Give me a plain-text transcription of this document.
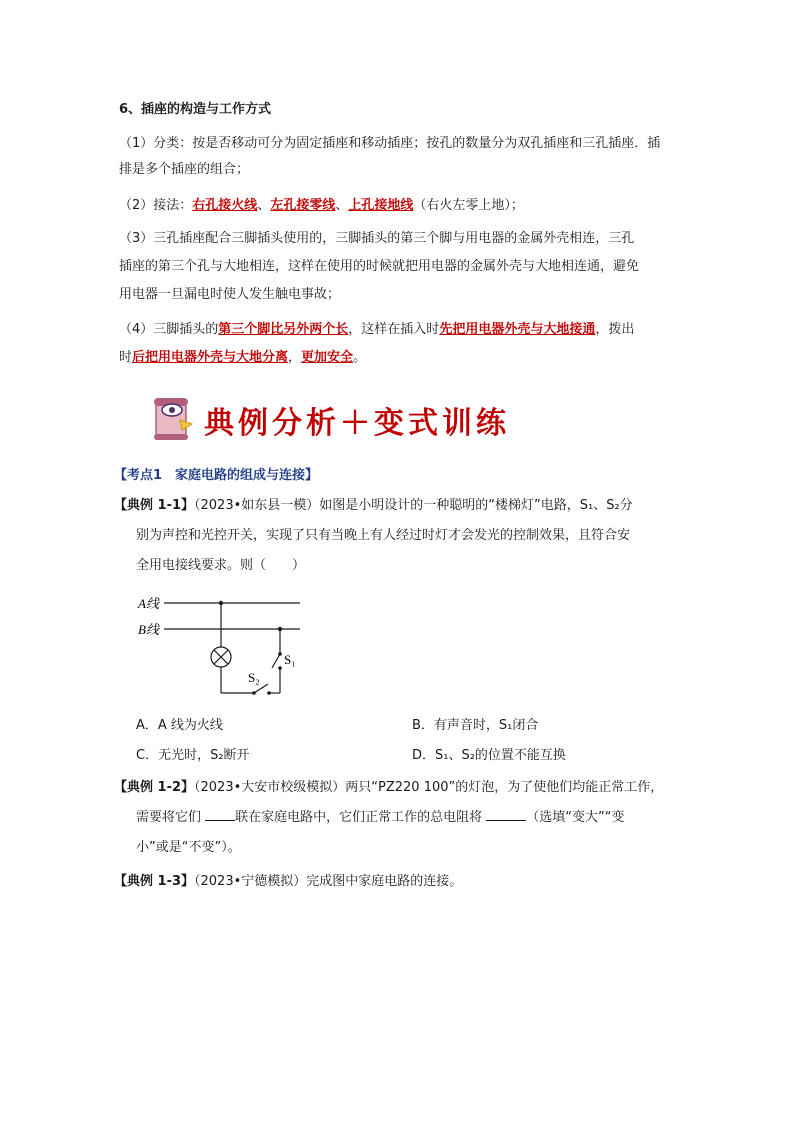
6、插座的构造与工作方式
（1）分类：按是否移动可分为固定插座和移动插座；按孔的数量分为双孔插座和三孔插座．插
排是多个插座的组合；
（2）接法：右孔接火线、左孔接零线、上孔接地线（右火左零上地）；
（3）三孔插座配合三脚插头使用的，三脚插头的第三个脚与用电器的金属外壳相连，三孔
插座的第三个孔与大地相连，这样在使用的时候就把用电器的金属外壳与大地相连通，避免
用电器一旦漏电时使人发生触电事故；
（4）三脚插头的第三个脚比另外两个长，这样在插入时先把用电器外壳与大地接通，拨出
时后把用电器外壳与大地分离，更加安全。
典例分析＋变式训练
【考点1　家庭电路的组成与连接】
【典例 1-1】（2023•如东县一模）如图是小明设计的一种聪明的“楼梯灯”电路，S₁、S₂分
别为声控和光控开关，实现了只有当晚上有人经过时灯才会发光的控制效果，且符合安
全用电接线要求。则（　　）
A线
B线
S₁
S₂
A．A 线为火线	B．有声音时，S₁闭合
C．无光时，S₂断开	D．S₁、S₂的位置不能互换
【典例 1-2】（2023•大安市校级模拟）两只“PZ220 100”的灯泡，为了使他们均能正常工作，
需要将它们 联在家庭电路中，它们正常工作的总电阻将	（选填“变大”“变
小”或是“不变”）。
【典例 1-3】（2023•宁德模拟）完成图中家庭电路的连接。
